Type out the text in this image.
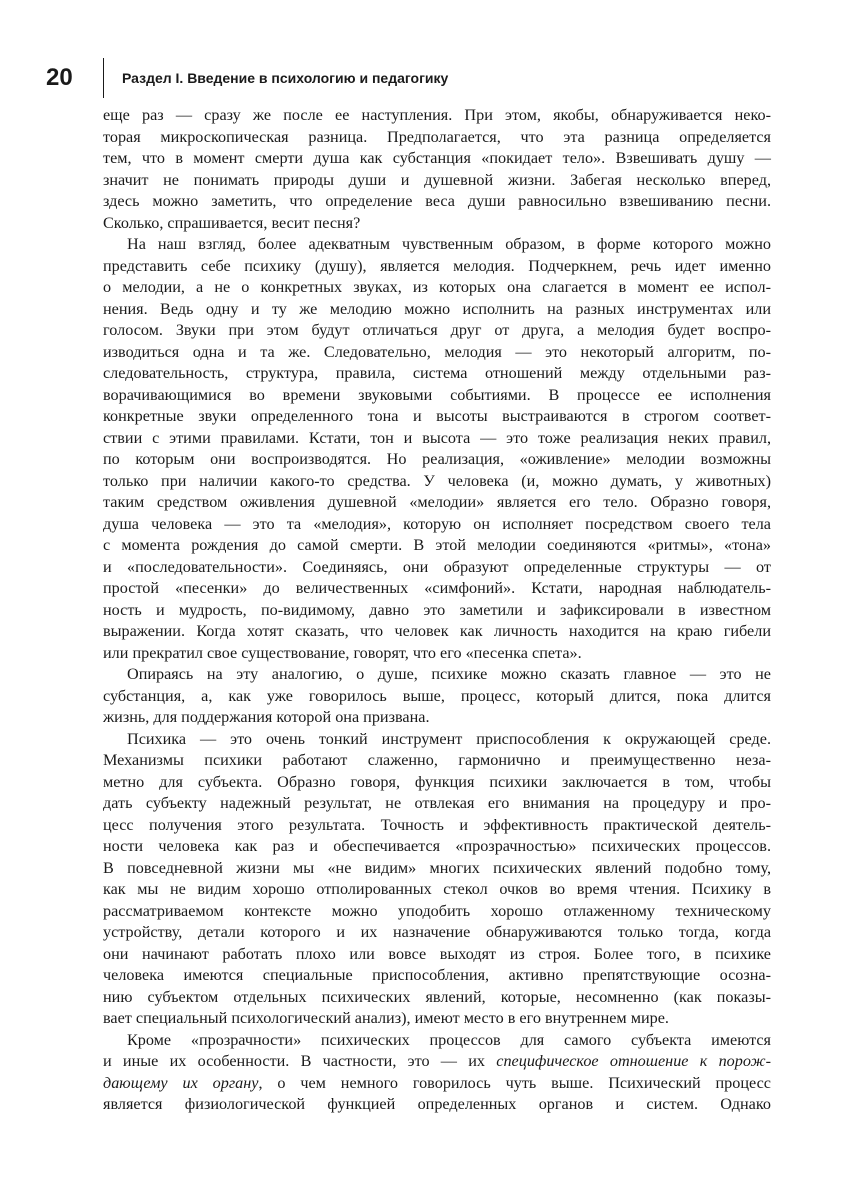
20	Раздел I. Введение в психологию и педагогику
еще раз — сразу же после ее наступления. При этом, якобы, обнаруживается неко-
торая микроскопическая разница. Предполагается, что эта разница определяется
тем, что в момент смерти душа как субстанция «покидает тело». Взвешивать душу —
значит не понимать природы души и душевной жизни. Забегая несколько вперед,
здесь можно заметить, что определение веса души равносильно взвешиванию песни.
Сколько, спрашивается, весит песня?
На наш взгляд, более адекватным чувственным образом, в форме которого можно
представить себе психику (душу), является мелодия. Подчеркнем, речь идет именно
о мелодии, а не о конкретных звуках, из которых она слагается в момент ее испол-
нения. Ведь одну и ту же мелодию можно исполнить на разных инструментах или
голосом. Звуки при этом будут отличаться друг от друга, а мелодия будет воспро-
изводиться одна и та же. Следовательно, мелодия — это некоторый алгоритм, по-
следовательность, структура, правила, система отношений между отдельными раз-
ворачивающимися во времени звуковыми событиями. В процессе ее исполнения
конкретные звуки определенного тона и высоты выстраиваются в строгом соответ-
ствии с этими правилами. Кстати, тон и высота — это тоже реализация неких правил,
по которым они воспроизводятся. Но реализация, «оживление» мелодии возможны
только при наличии какого-то средства. У человека (и, можно думать, у животных)
таким средством оживления душевной «мелодии» является его тело. Образно говоря,
душа человека — это та «мелодия», которую он исполняет посредством своего тела
с момента рождения до самой смерти. В этой мелодии соединяются «ритмы», «тона»
и «последовательности». Соединяясь, они образуют определенные структуры — от
простой «песенки» до величественных «симфоний». Кстати, народная наблюдатель-
ность и мудрость, по-видимому, давно это заметили и зафиксировали в известном
выражении. Когда хотят сказать, что человек как личность находится на краю гибели
или прекратил свое существование, говорят, что его «песенка спета».
Опираясь на эту аналогию, о душе, психике можно сказать главное — это не
субстанция, а, как уже говорилось выше, процесс, который длится, пока длится
жизнь, для поддержания которой она призвана.
Психика — это очень тонкий инструмент приспособления к окружающей среде.
Механизмы психики работают слаженно, гармонично и преимущественно неза-
метно для субъекта. Образно говоря, функция психики заключается в том, чтобы
дать субъекту надежный результат, не отвлекая его внимания на процедуру и про-
цесс получения этого результата. Точность и эффективность практической деятель-
ности человека как раз и обеспечивается «прозрачностью» психических процессов.
В повседневной жизни мы «не видим» многих психических явлений подобно тому,
как мы не видим хорошо отполированных стекол очков во время чтения. Психику в
рассматриваемом контексте можно уподобить хорошо отлаженному техническому
устройству, детали которого и их назначение обнаруживаются только тогда, когда
они начинают работать плохо или вовсе выходят из строя. Более того, в психике
человека имеются специальные приспособления, активно препятствующие осозна-
нию субъектом отдельных психических явлений, которые, несомненно (как показы-
вает специальный психологический анализ), имеют место в его внутреннем мире.
Кроме «прозрачности» психических процессов для самого субъекта имеются
и иные их особенности. В частности, это — их специфическое отношение к порож-
дающему их органу, о чем немного говорилось чуть выше. Психический процесс
является физиологической функцией определенных органов и систем. Однако
